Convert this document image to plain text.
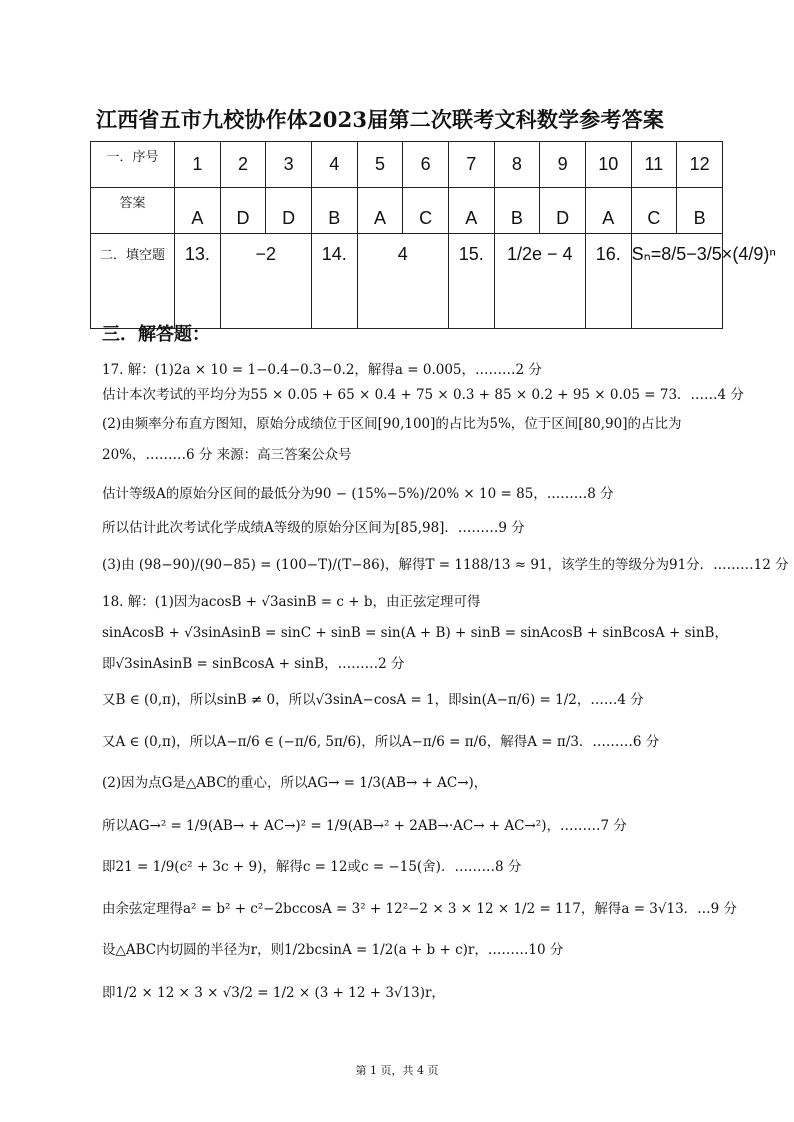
江西省五市九校协作体2023届第二次联考文科数学参考答案
一．序号	1	2	3	4	5	6	7	8	9	10	11	12
答案	A	D	D	B	A	C	A	B	D	A	C	B
二．填空题	13.	−2		14.	4		15.	1/2e − 4		16.	Sₙ=8/5−3/5×(4/9)ⁿ	
三．解答题：
17. 解：(1)2a × 10 = 1−0.4−0.3−0.2，解得a = 0.005，………2 分
估计本次考试的平均分为55 × 0.05 + 65 × 0.4 + 75 × 0.3 + 85 × 0.2 + 95 × 0.05 = 73．……4 分
(2)由频率分布直方图知，原始分成绩位于区间[90,100]的占比为5%，位于区间[80,90]的占比为
20%，………6 分 来源：高三答案公众号
估计等级A的原始分区间的最低分为90 − (15%−5%)/20% × 10 = 85，………8 分
所以估计此次考试化学成绩A等级的原始分区间为[85,98]．………9 分
(3)由 (98−90)/(90−85) = (100−T)/(T−86)，解得T = 1188/13 ≈ 91，该学生的等级分为91分．………12 分
18. 解：(1)因为acosB + √3asinB = c + b，由正弦定理可得
sinAcosB + √3sinAsinB = sinC + sinB = sin(A + B) + sinB = sinAcosB + sinBcosA + sinB，
即√3sinAsinB = sinBcosA + sinB，………2 分
又B ∈ (0,π)，所以sinB ≠ 0，所以√3sinA−cosA = 1，即sin(A−π/6) = 1/2，……4 分
又A ∈ (0,π)，所以A−π/6 ∈ (−π/6, 5π/6)，所以A−π/6 = π/6，解得A = π/3．………6 分
(2)因为点G是△ABC的重心，所以AG→ = 1/3(AB→ + AC→)，
所以AG→² = 1/9(AB→ + AC→)² = 1/9(AB→² + 2AB→·AC→ + AC→²)，………7 分
即21 = 1/9(c² + 3c + 9)，解得c = 12或c = −15(舍)．………8 分
由余弦定理得a² = b² + c²−2bccosA = 3² + 12²−2 × 3 × 12 × 1/2 = 117，解得a = 3√13．…9 分
设△ABC内切圆的半径为r，则1/2bcsinA = 1/2(a + b + c)r，………10 分
即1/2 × 12 × 3 × √3/2 = 1/2 × (3 + 12 + 3√13)r，
第 1 页，共 4 页
